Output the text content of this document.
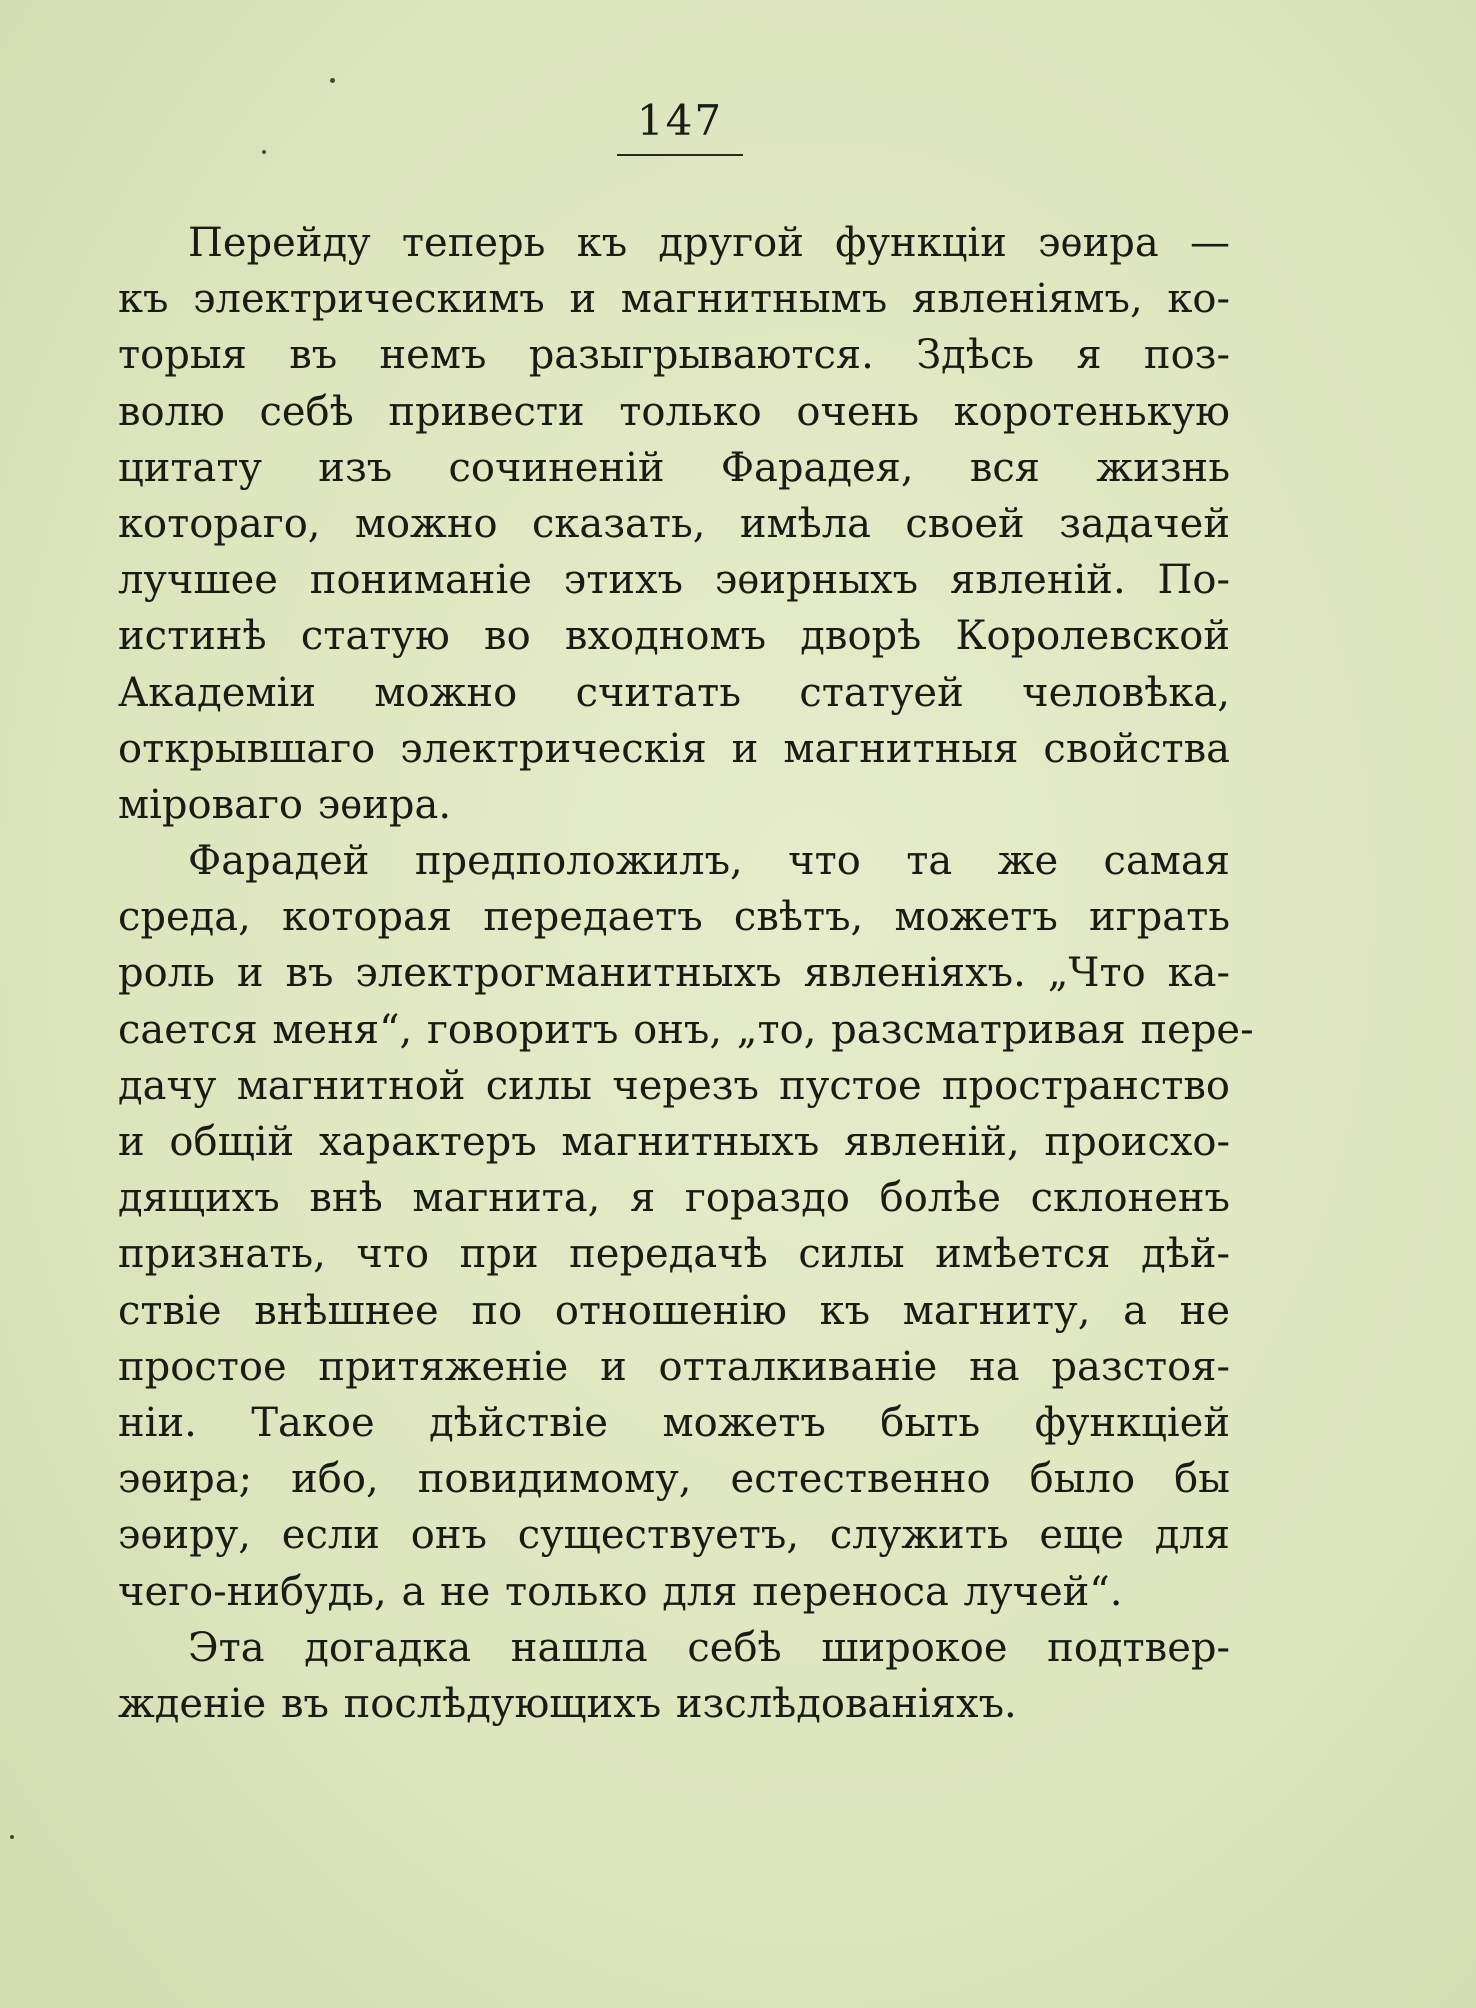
147
Перейду теперь къ другой функціи эѳира —
къ электрическимъ и магнитнымъ явленіямъ, ко-
торыя въ немъ разыгрываются. Здѣсь я поз-
волю себѣ привести только очень коротенькую
цитату изъ сочиненій Фарадея, вся жизнь
котораго, можно сказать, имѣла своей задачей
лучшее пониманіе этихъ эѳирныхъ явленій. По-
истинѣ статую во входномъ дворѣ Королевской
Академіи можно считать статуей человѣка,
открывшаго электрическія и магнитныя свойства
міроваго эѳира.
Фарадей предположилъ, что та же самая
среда, которая передаетъ свѣтъ, можетъ играть
роль и въ электрогманитныхъ явленіяхъ. „Что ка-
сается меня“, говоритъ онъ, „то, разсматривая пере-
дачу магнитной силы черезъ пустое пространство
и общій характеръ магнитныхъ явленій, происхо-
дящихъ внѣ магнита, я гораздо болѣе склоненъ
признать, что при передачѣ силы имѣется дѣй-
ствіе внѣшнее по отношенію къ магниту, а не
простое притяженіе и отталкиваніе на разстоя-
ніи. Такое дѣйствіе можетъ быть функціей
эѳира; ибо, повидимому, естественно было бы
эѳиру, если онъ существуетъ, служить еще для
чего-нибудь, а не только для переноса лучей“.
Эта догадка нашла себѣ широкое подтвер-
жденіе въ послѣдующихъ изслѣдованіяхъ.
